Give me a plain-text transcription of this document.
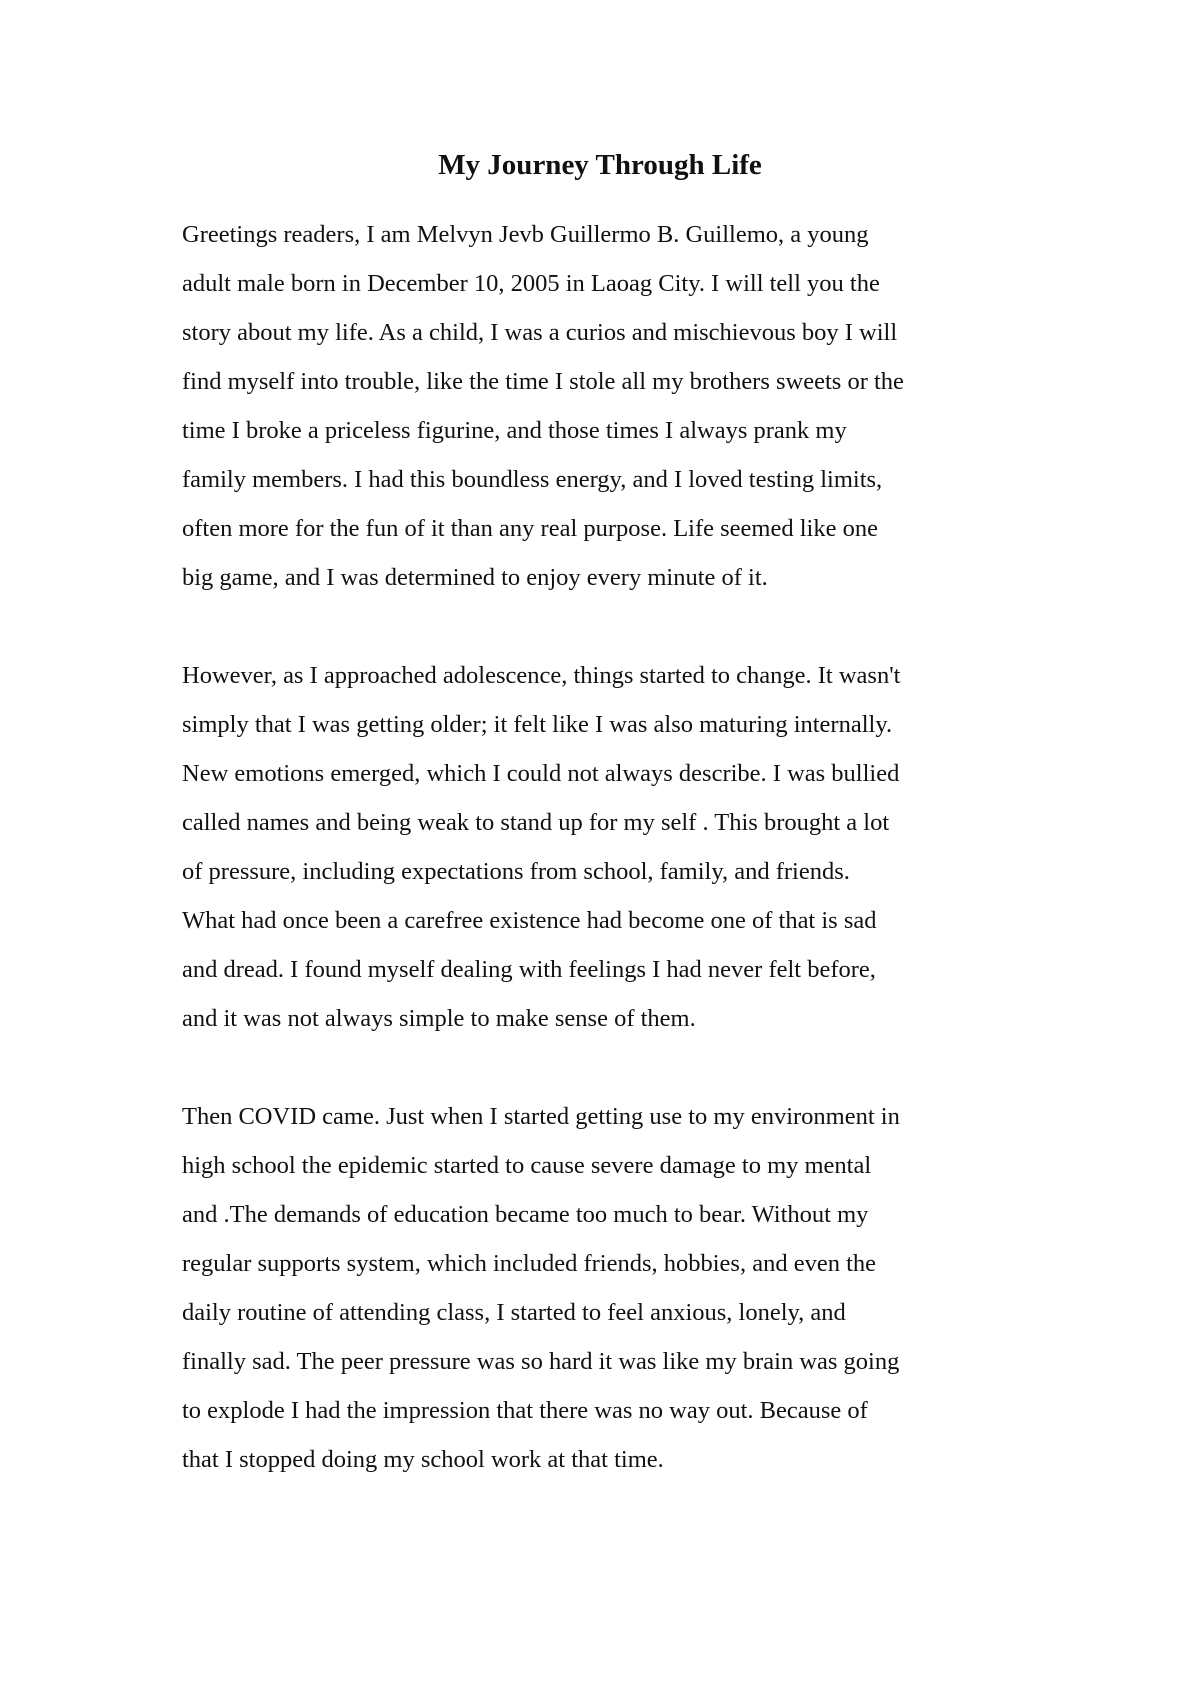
My Journey Through Life
Greetings readers, I am Melvyn Jevb Guillermo B. Guillemo, a young
adult male born in December 10, 2005 in Laoag City. I will tell you the
story about my life. As a child, I was a curios and mischievous boy I will
find myself into trouble, like the time I stole all my brothers sweets or the
time I broke a priceless figurine, and those times I always prank my
family members. I had this boundless energy, and I loved testing limits,
often more for the fun of it than any real purpose. Life seemed like one
big game, and I was determined to enjoy every minute of it.
However, as I approached adolescence, things started to change. It wasn't
simply that I was getting older; it felt like I was also maturing internally.
New emotions emerged, which I could not always describe. I was bullied
called names and being weak to stand up for my self . This brought a lot
of pressure, including expectations from school, family, and friends.
What had once been a carefree existence had become one of that is sad
and dread. I found myself dealing with feelings I had never felt before,
and it was not always simple to make sense of them.
Then COVID came. Just when I started getting use to my environment in
high school the epidemic started to cause severe damage to my mental
and .The demands of education became too much to bear. Without my
regular supports system, which included friends, hobbies, and even the
daily routine of attending class, I started to feel anxious, lonely, and
finally sad. The peer pressure was so hard it was like my brain was going
to explode I had the impression that there was no way out. Because of
that I stopped doing my school work at that time.
